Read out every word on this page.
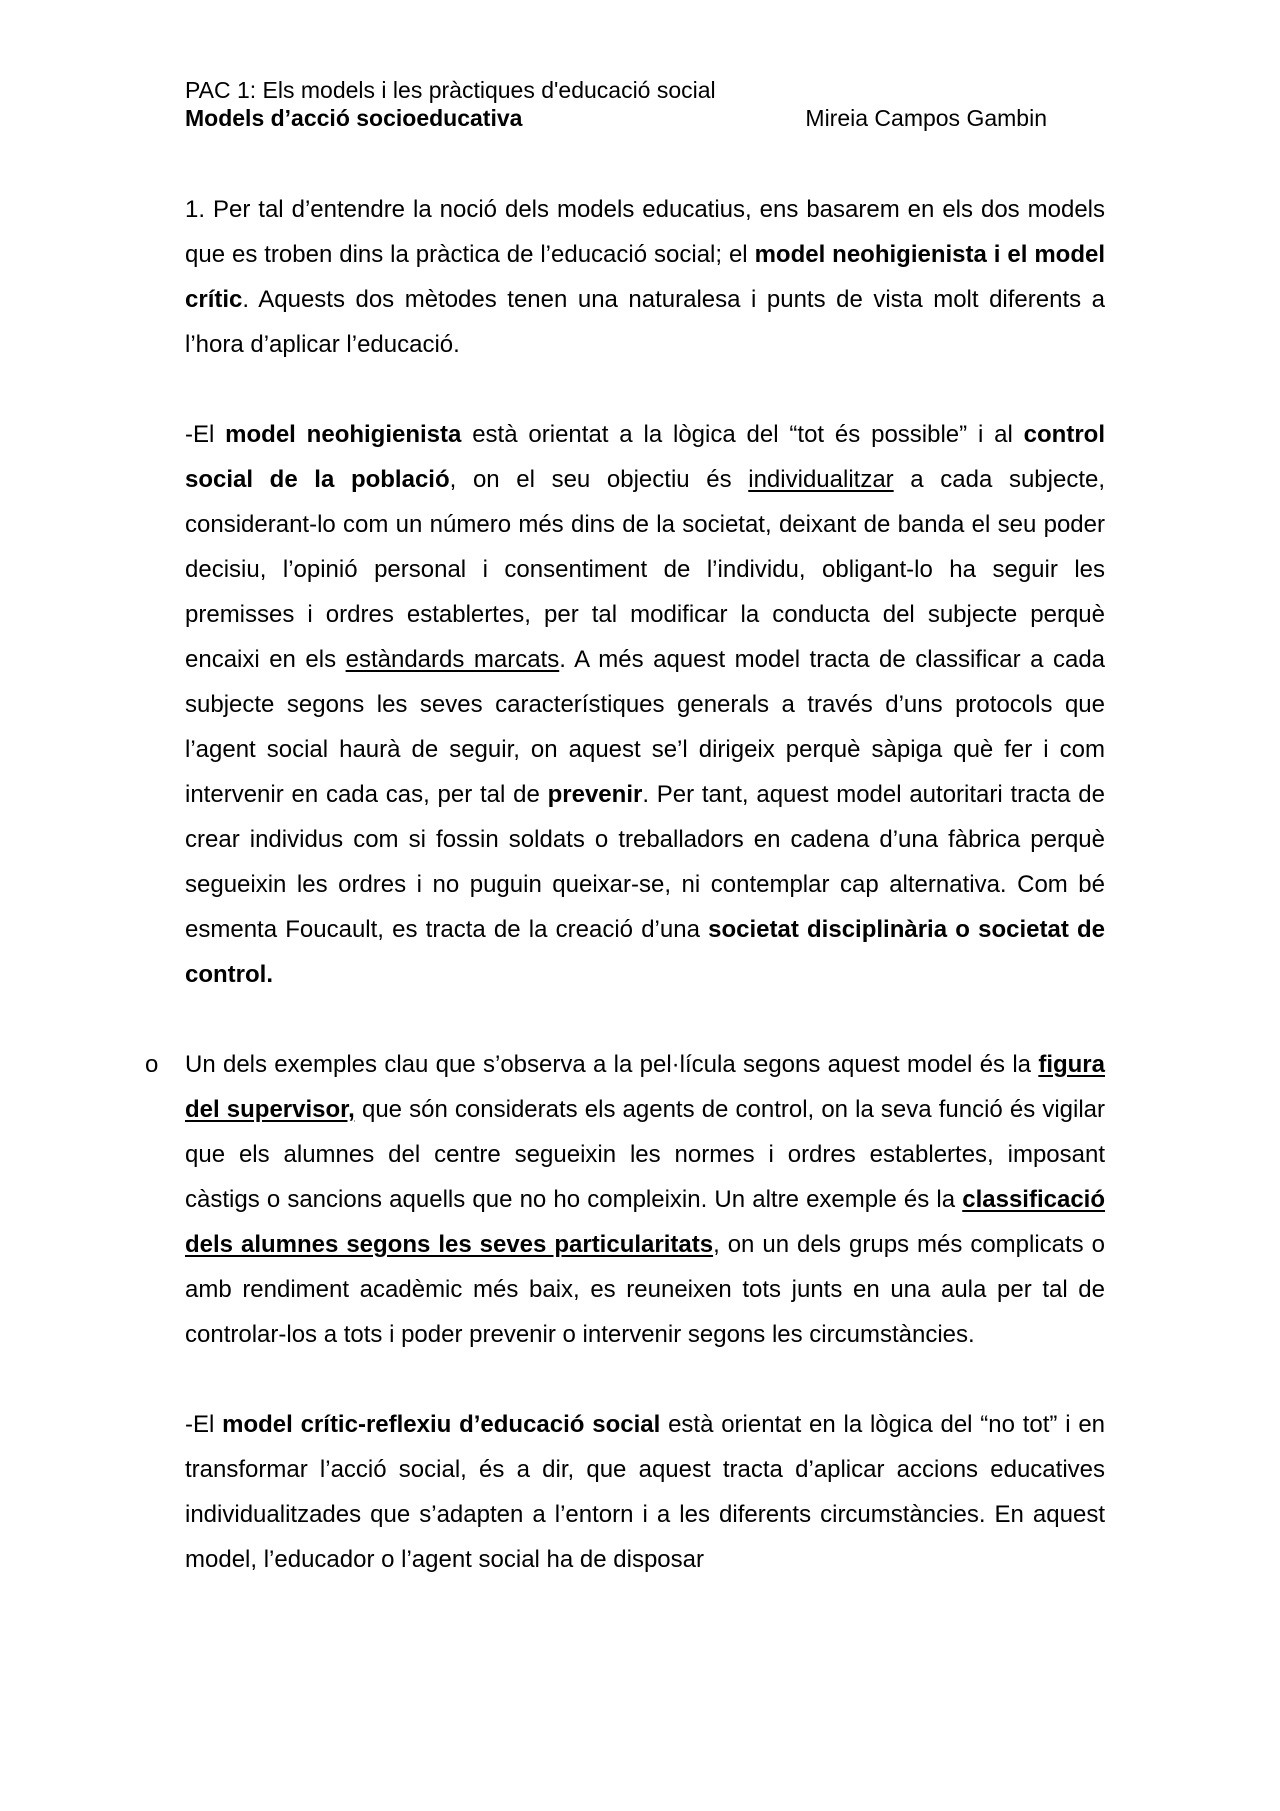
PAC 1: Els models i les pràctiques d'educació social
Models d’acció socioeducativa	Mireia Campos Gambin

1. Per tal d’entendre la noció dels models educatius, ens basarem en els dos models que es troben dins la pràctica de l’educació social; el model neohigienista i el model crític. Aquests dos mètodes tenen una naturalesa i punts de vista molt diferents a l’hora d’aplicar l’educació.

-El model neohigienista està orientat a la lògica del “tot és possible” i al control social de la població, on el seu objectiu és individualitzar a cada subjecte, considerant-lo com un número més dins de la societat, deixant de banda el seu poder decisiu, l’opinió personal i consentiment de l’individu, obligant-lo ha seguir les premisses i ordres establertes, per tal modificar la conducta del subjecte perquè encaixi en els estàndards marcats. A més aquest model tracta de classificar a cada subjecte segons les seves característiques generals a través d’uns protocols que l’agent social haurà de seguir, on aquest se’l dirigeix perquè sàpiga què fer i com intervenir en cada cas, per tal de prevenir. Per tant, aquest model autoritari tracta de crear individus com si fossin soldats o treballadors en cadena d’una fàbrica perquè segueixin les ordres i no puguin queixar-se, ni contemplar cap alternativa. Com bé esmenta Foucault, es tracta de la creació d’una societat disciplinària o societat de control.

o Un dels exemples clau que s’observa a la pel·lícula segons aquest model és la figura del supervisor, que són considerats els agents de control, on la seva funció és vigilar que els alumnes del centre segueixin les normes i ordres establertes, imposant càstigs o sancions aquells que no ho compleixin. Un altre exemple és la classificació dels alumnes segons les seves particularitats, on un dels grups més complicats o amb rendiment acadèmic més baix, es reuneixen tots junts en una aula per tal de controlar-los a tots i poder prevenir o intervenir segons les circumstàncies.

-El model crític-reflexiu d’educació social està orientat en la lògica del “no tot” i en transformar l’acció social, és a dir, que aquest tracta d’aplicar accions educatives individualitzades que s’adapten a l’entorn i a les diferents circumstàncies. En aquest model, l’educador o l’agent social ha de disposar
